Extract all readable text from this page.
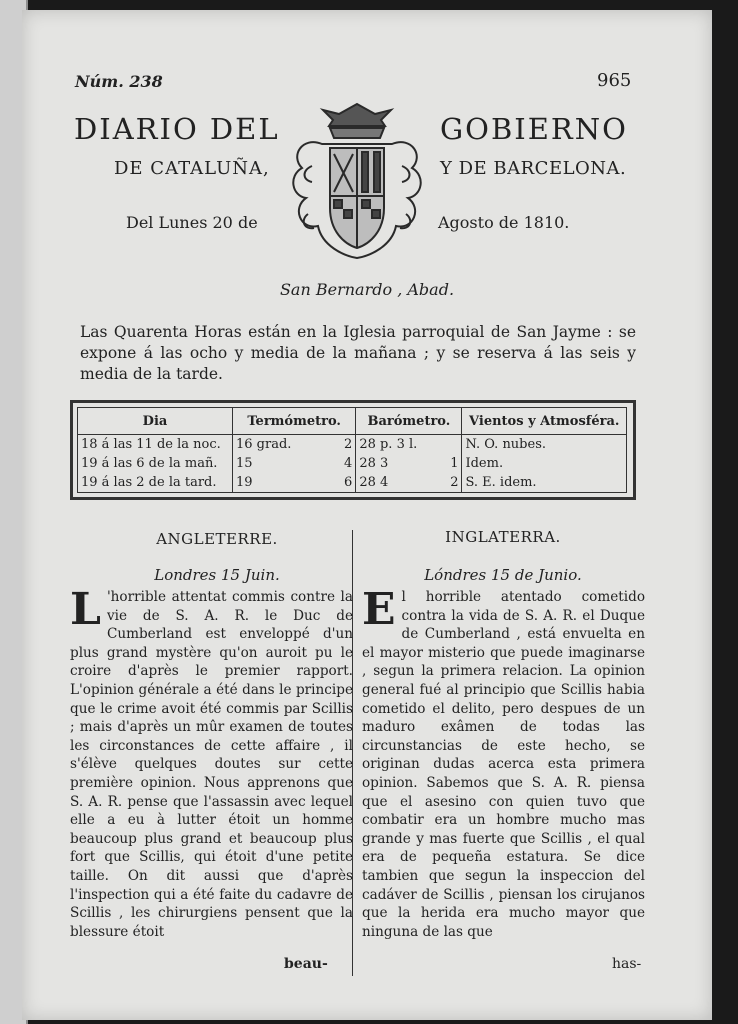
Núm. 238	965
DIARIO DEL	GOBIERNO
DE CATALUÑA,	Y DE BARCELONA.
Del Lunes 20 de	Agosto de 1810.
San Bernardo , Abad.
Las Quarenta Horas están en la Iglesia parroquial de San Jayme : se expone á las ocho y media de la mañana ; y se reserva á las seis y media de la tarde.
Dia	Termómetro.		Barómetro.		Vientos y Atmosféra.
18 á las 11 de la noc.	16 grad.	2	28 p. 3 l.		N. O. nubes.
19 á las 6 de la mañ.	15	4	28 3	1	Idem.
19 á las 2 de la tard.	19	6	28 4	2	S. E. idem.
ANGLETERRE.	INGLATERRA.
Londres 15 Juin.	Lóndres 15 de Junio.
L 'horrible attentat commis contre la vie de S. A. R. le Duc de Cumberland est enveloppé d'un plus grand mystère qu'on auroit pu le croire d'après le premier rapport. L'opinion générale a été dans le principe que le crime avoit été commis par Scillis ; mais d'après un mûr examen de toutes les circonstances de cette affaire , il s'élève quelques doutes sur cette première opinion. Nous apprenons que S. A. R. pense que l'assassin avec lequel elle a eu à lutter étoit un homme beaucoup plus grand et beaucoup plus fort que Scillis, qui étoit d'une petite taille. On dit aussi que d'après l'inspection qui a été faite du cadavre de Scillis , les chirurgiens pensent que la blessure étoit
El horrible atentado cometido contra la vida de S. A. R. el Duque de Cumberland , está envuelta en el mayor misterio que puede imaginarse , segun la primera relacion. La opinion general fué al principio que Scillis habia cometido el delito, pero despues de un maduro exâmen de todas las circunstancias de este hecho, se originan dudas acerca esta primera opinion. Sabemos que S. A. R. piensa que el asesino con quien tuvo que combatir era un hombre mucho mas grande y mas fuerte que Scillis , el qual era de pequeña estatura. Se dice tambien que segun la inspeccion del cadáver de Scillis , piensan los cirujanos que la herida era mucho mayor que ninguna de las que
beau-	has-
